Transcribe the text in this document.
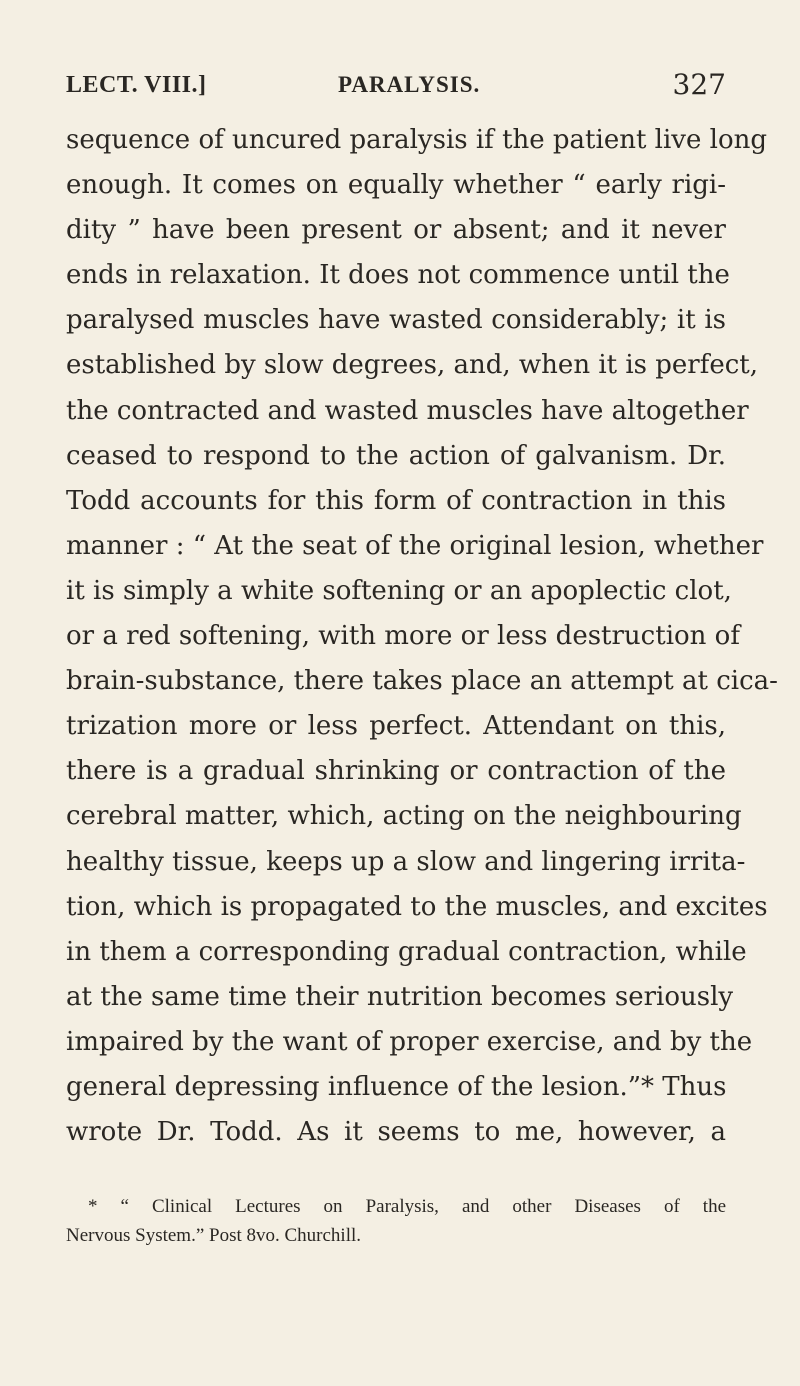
LECT. VIII.]	PARALYSIS.	327
sequence of uncured paralysis if the patient live long
enough. It comes on equally whether “ early rigi-
dity ” have been present or absent; and it never
ends in relaxation. It does not commence until the
paralysed muscles have wasted considerably; it is
established by slow degrees, and, when it is perfect,
the contracted and wasted muscles have altogether
ceased to respond to the action of galvanism. Dr.
Todd accounts for this form of contraction in this
manner : “ At the seat of the original lesion, whether
it is simply a white softening or an apoplectic clot,
or a red softening, with more or less destruction of
brain-substance, there takes place an attempt at cica-
trization more or less perfect. Attendant on this,
there is a gradual shrinking or contraction of the
cerebral matter, which, acting on the neighbouring
healthy tissue, keeps up a slow and lingering irrita-
tion, which is propagated to the muscles, and excites
in them a corresponding gradual contraction, while
at the same time their nutrition becomes seriously
impaired by the want of proper exercise, and by the
general depressing influence of the lesion.”* Thus
wrote Dr. Todd. As it seems to me, however, a
* “ Clinical Lectures on Paralysis, and other Diseases of the
Nervous System.” Post 8vo. Churchill.
